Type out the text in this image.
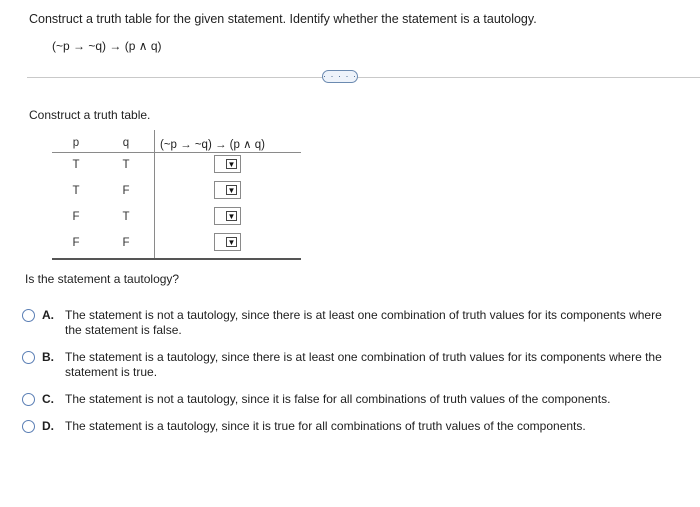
Construct a truth table for the given statement. Identify whether the statement is a tautology.
(~p → ~q) → (p ∧ q)
· · · · ·
Construct a truth table.
p	q	(~p → ~q) → (p ∧ q)
T	T	▼
T	F	▼
F	T	▼
F	F	▼
Is the statement a tautology?
A. The statement is not a tautology, since there is at least one combination of truth values for its components where the statement is false.
B. The statement is a tautology, since there is at least one combination of truth values for its components where the statement is true.
C. The statement is not a tautology, since it is false for all combinations of truth values of the components.
D. The statement is a tautology, since it is true for all combinations of truth values of the components.
